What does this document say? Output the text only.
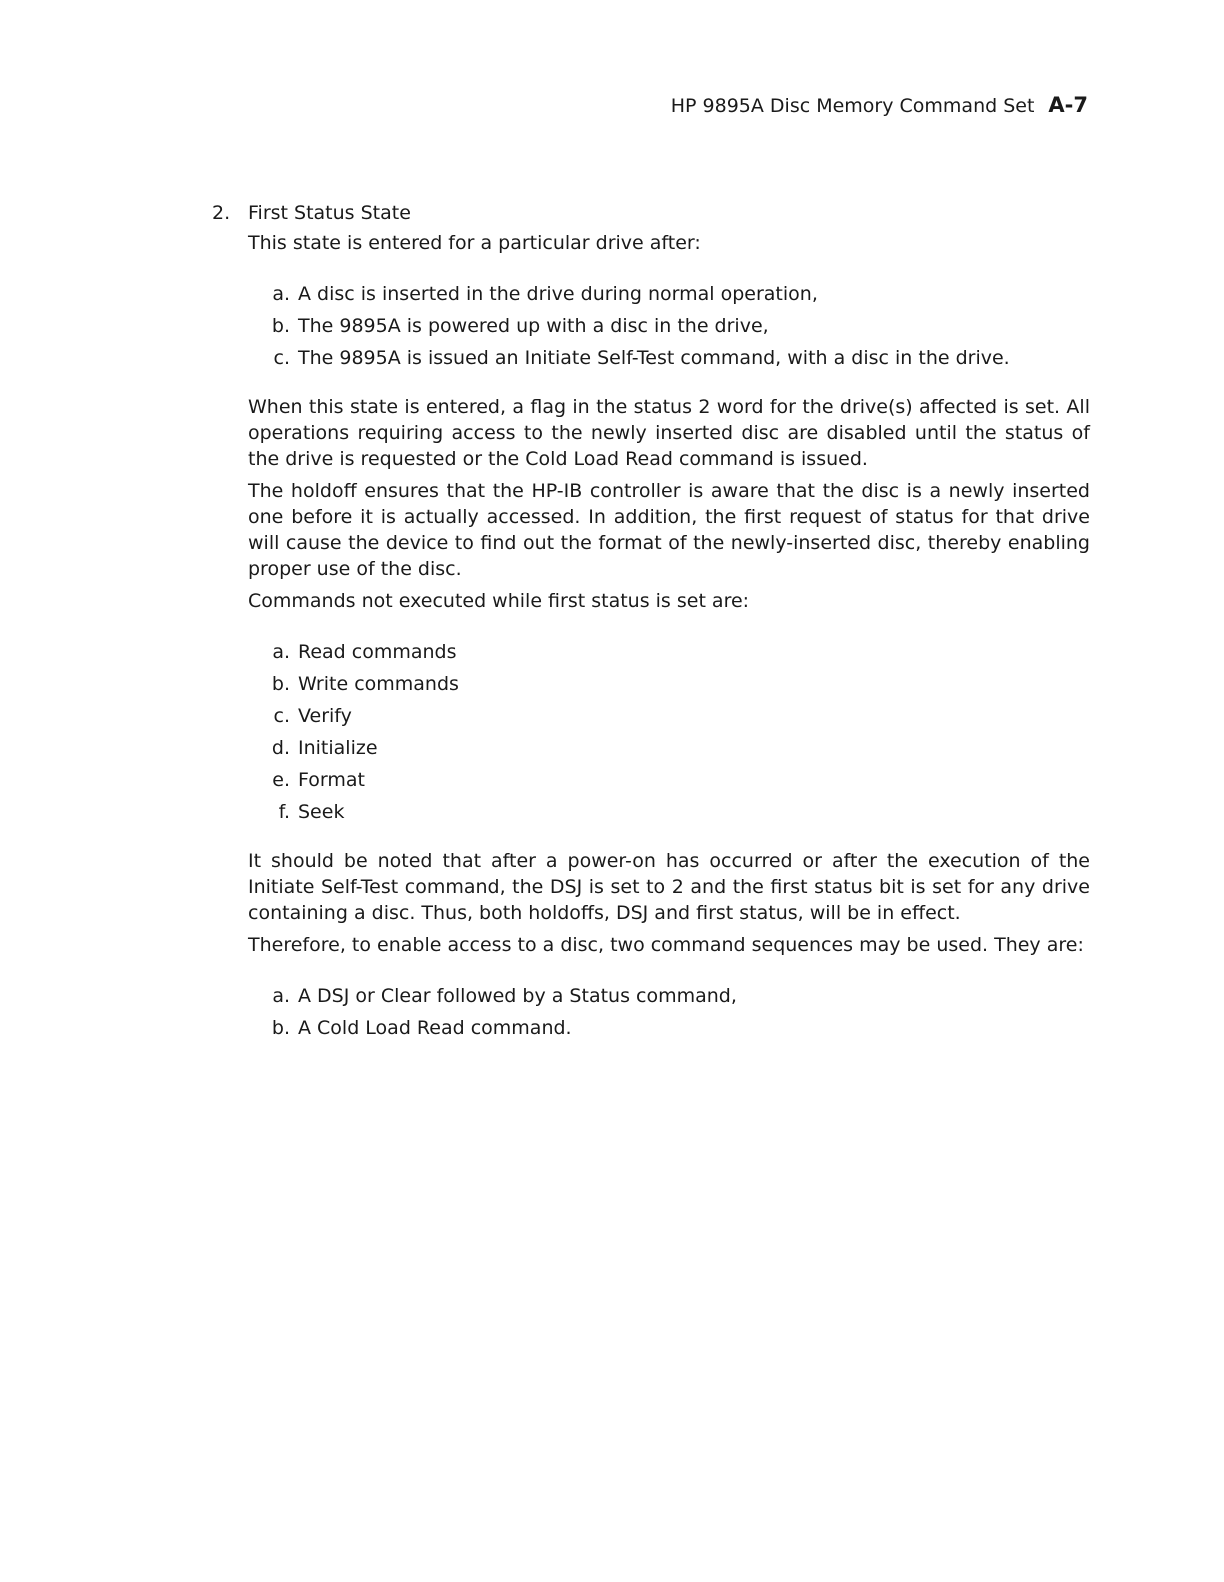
HP 9895A Disc Memory Command Set A-7
2. First Status State

This state is entered for a particular drive after:

a. A disc is inserted in the drive during normal operation,
b. The 9895A is powered up with a disc in the drive,
c. The 9895A is issued an Initiate Self-Test command, with a disc in the drive.

When this state is entered, a flag in the status 2 word for the drive(s) affected is set. All operations requiring access to the newly inserted disc are disabled until the status of the drive is requested or the Cold Load Read command is issued.

The holdoff ensures that the HP-IB controller is aware that the disc is a newly inserted one before it is actually accessed. In addition, the first request of status for that drive will cause the device to find out the format of the newly-inserted disc, thereby enabling proper use of the disc.

Commands not executed while first status is set are:

a. Read commands
b. Write commands
c. Verify
d. Initialize
e. Format
f. Seek

It should be noted that after a power-on has occurred or after the execution of the Initiate Self-Test command, the DSJ is set to 2 and the first status bit is set for any drive containing a disc. Thus, both holdoffs, DSJ and first status, will be in effect.

Therefore, to enable access to a disc, two command sequences may be used. They are:

a. A DSJ or Clear followed by a Status command,
b. A Cold Load Read command.
